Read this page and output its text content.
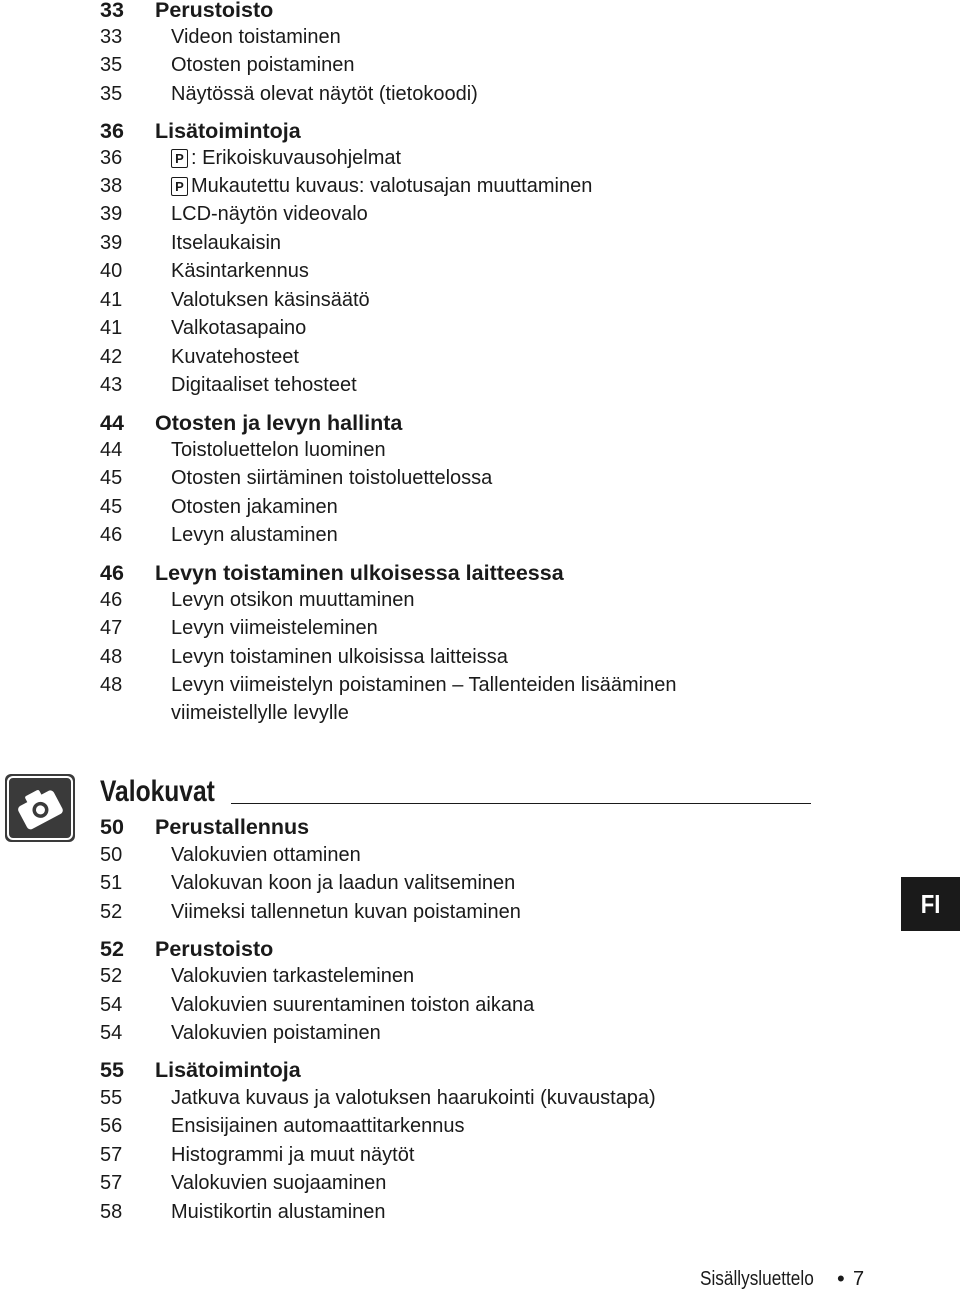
33	Perustoisto
33	Videon toistaminen
35	Otosten poistaminen
35	Näytössä olevat näytöt (tietokoodi)
36	Lisätoimintoja
36	P : Erikoiskuvausohjelmat
38	P Mukautettu kuvaus: valotusajan muuttaminen
39	LCD-näytön videovalo
39	Itselaukaisin
40	Käsintarkennus
41	Valotuksen käsinsäätö
41	Valkotasapaino
42	Kuvatehosteet
43	Digitaaliset tehosteet
44	Otosten ja levyn hallinta
44	Toistoluettelon luominen
45	Otosten siirtäminen toistoluettelossa
45	Otosten jakaminen
46	Levyn alustaminen
46	Levyn toistaminen ulkoisessa laitteessa
46	Levyn otsikon muuttaminen
47	Levyn viimeisteleminen
48	Levyn toistaminen ulkoisissa laitteissa
48	Levyn viimeistelyn poistaminen – Tallenteiden lisääminen
viimeistellylle levylle
Valokuvat
50	Perustallennus
50	Valokuvien ottaminen
51	Valokuvan koon ja laadun valitseminen
52	Viimeksi tallennetun kuvan poistaminen
52	Perustoisto
52	Valokuvien tarkasteleminen
54	Valokuvien suurentaminen toiston aikana
54	Valokuvien poistaminen
55	Lisätoimintoja
55	Jatkuva kuvaus ja valotuksen haarukointi (kuvaustapa)
56	Ensisijainen automaattitarkennus
57	Histogrammi ja muut näytöt
57	Valokuvien suojaaminen
58	Muistikortin alustaminen
FI
Sisällysluettelo • 7
